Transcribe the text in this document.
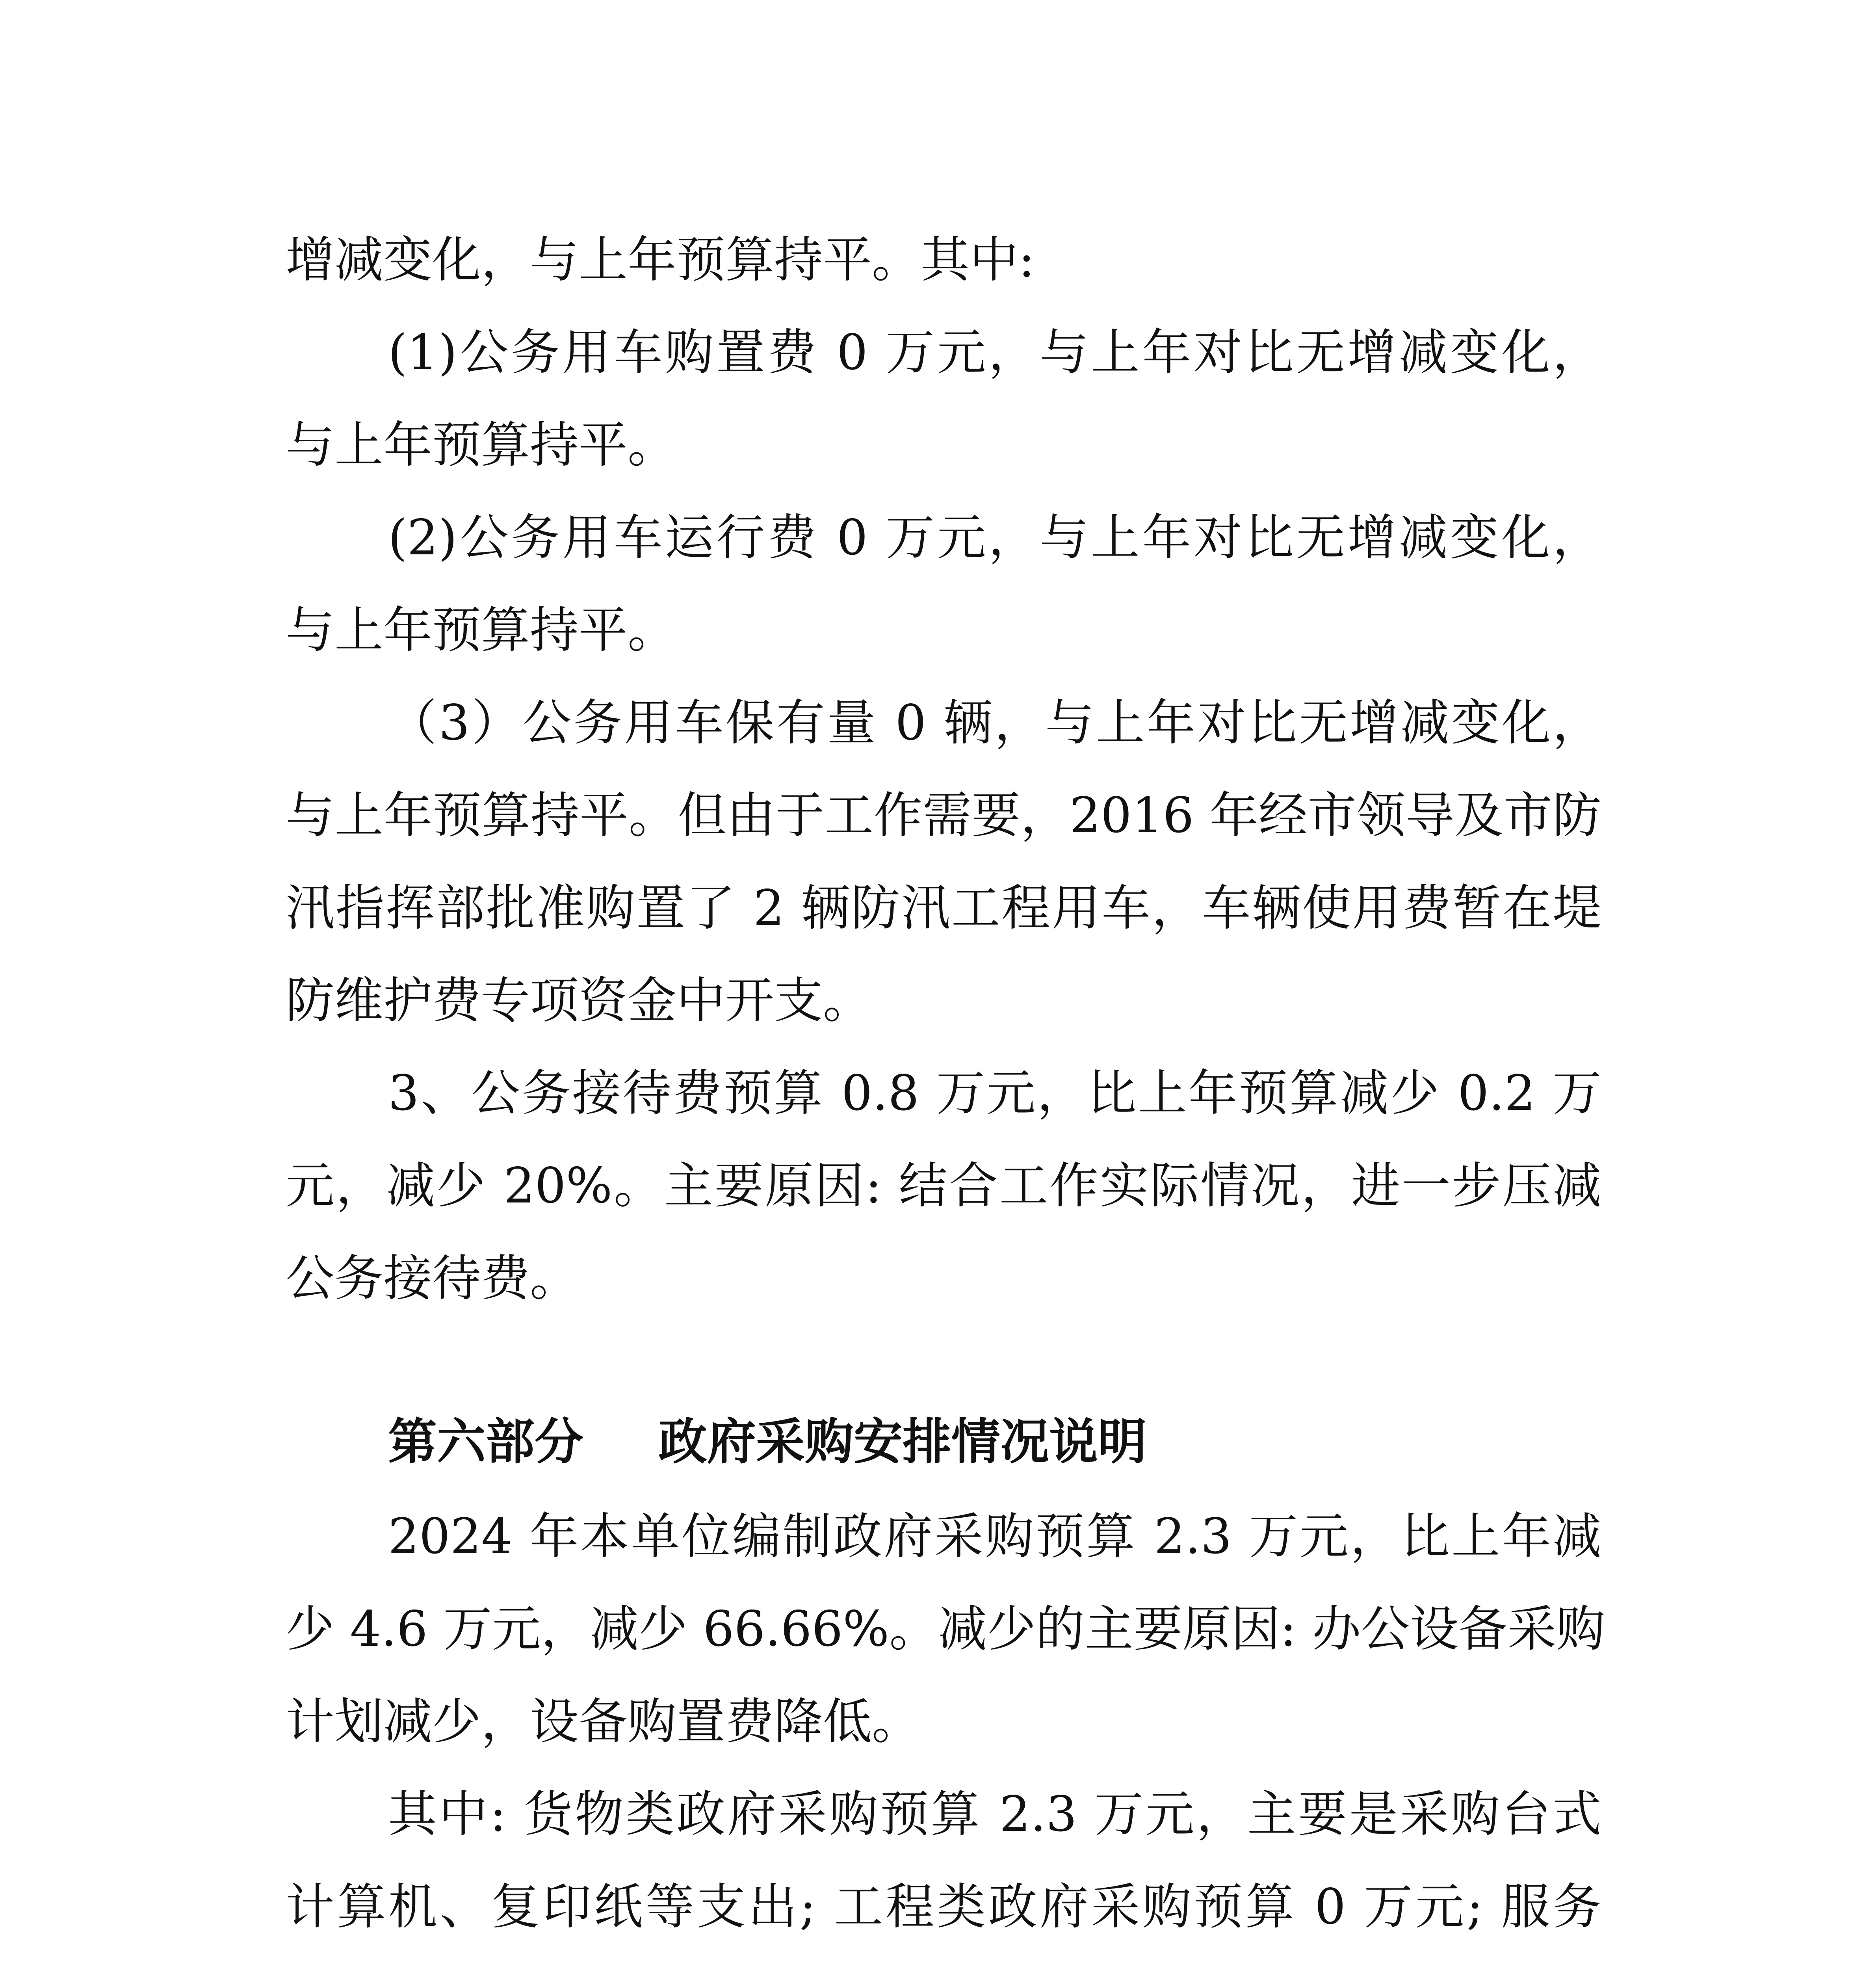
增减变化，与上年预算持平。其中:
(1)公务用车购置费 0 万元，与上年对比无增减变化，
与上年预算持平。
(2)公务用车运行费 0 万元，与上年对比无增减变化，
与上年预算持平。
（3）公务用车保有量 0 辆，与上年对比无增减变化，
与上年预算持平。但由于工作需要，2016 年经市领导及市防
汛指挥部批准购置了 2 辆防汛工程用车，车辆使用费暂在堤
防维护费专项资金中开支。
3、公务接待费预算 0.8 万元，比上年预算减少 0.2 万
元，减少 20%。主要原因: 结合工作实际情况，进一步压减
公务接待费。
第六部分 政府采购安排情况说明
2024 年本单位编制政府采购预算 2.3 万元，比上年减
少 4.6 万元，减少 66.66%。减少的主要原因: 办公设备采购
计划减少，设备购置费降低。
其中: 货物类政府采购预算 2.3 万元，主要是采购台式
计算机、复印纸等支出; 工程类政府采购预算 0 万元; 服务
